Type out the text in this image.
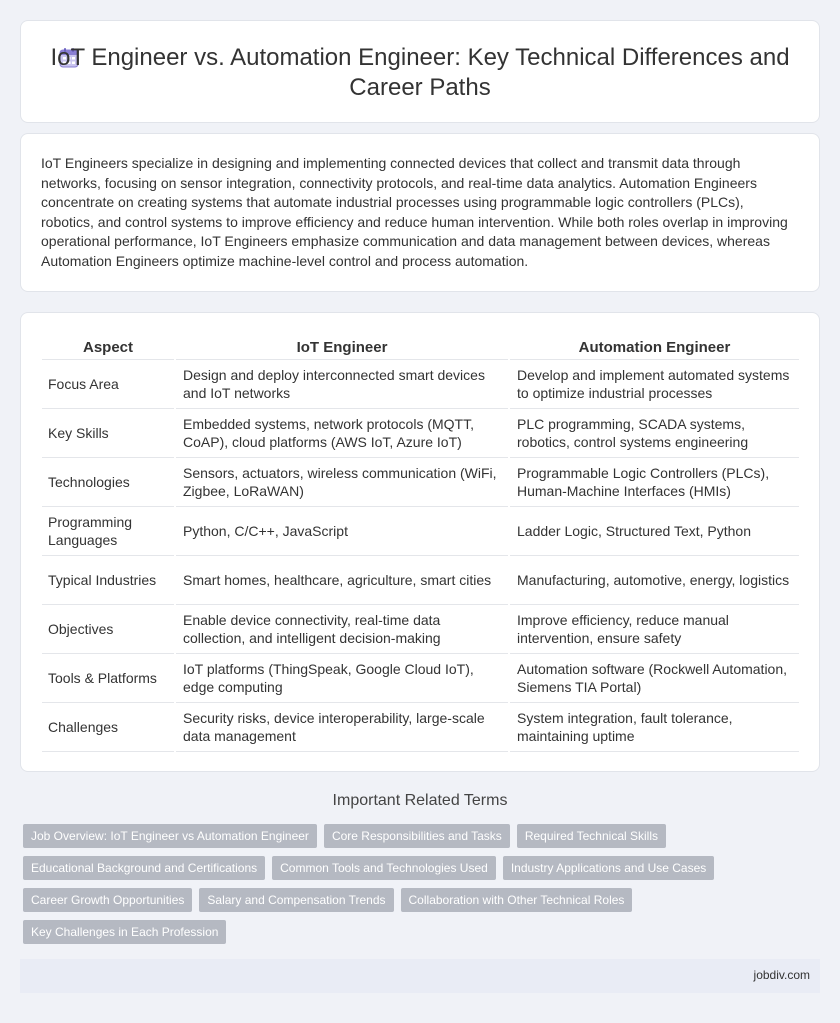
IoT Engineer vs. Automation Engineer: Key Technical Differences and Career Paths

IoT Engineers specialize in designing and implementing connected devices that collect and transmit data through networks, focusing on sensor integration, connectivity protocols, and real-time data analytics. Automation Engineers concentrate on creating systems that automate industrial processes using programmable logic controllers (PLCs), robotics, and control systems to improve efficiency and reduce human intervention. While both roles overlap in improving operational performance, IoT Engineers emphasize communication and data management between devices, whereas Automation Engineers optimize machine-level control and process automation.

Aspect	IoT Engineer	Automation Engineer
Focus Area	Design and deploy interconnected smart devices and IoT networks	Develop and implement automated systems to optimize industrial processes
Key Skills	Embedded systems, network protocols (MQTT, CoAP), cloud platforms (AWS IoT, Azure IoT)	PLC programming, SCADA systems, robotics, control systems engineering
Technologies	Sensors, actuators, wireless communication (WiFi, Zigbee, LoRaWAN)	Programmable Logic Controllers (PLCs), Human-Machine Interfaces (HMIs)
Programming Languages	Python, C/C++, JavaScript	Ladder Logic, Structured Text, Python
Typical Industries	Smart homes, healthcare, agriculture, smart cities	Manufacturing, automotive, energy, logistics
Objectives	Enable device connectivity, real-time data collection, and intelligent decision-making	Improve efficiency, reduce manual intervention, ensure safety
Tools & Platforms	IoT platforms (ThingSpeak, Google Cloud IoT), edge computing	Automation software (Rockwell Automation, Siemens TIA Portal)
Challenges	Security risks, device interoperability, large-scale data management	System integration, fault tolerance, maintaining uptime
Important Related Terms
Job Overview: IoT Engineer vs Automation Engineer	Core Responsibilities and Tasks	Required Technical Skills
Educational Background and Certifications	Common Tools and Technologies Used	Industry Applications and Use Cases
Career Growth Opportunities	Salary and Compensation Trends	Collaboration with Other Technical Roles
Key Challenges in Each Profession
jobdiv.com
